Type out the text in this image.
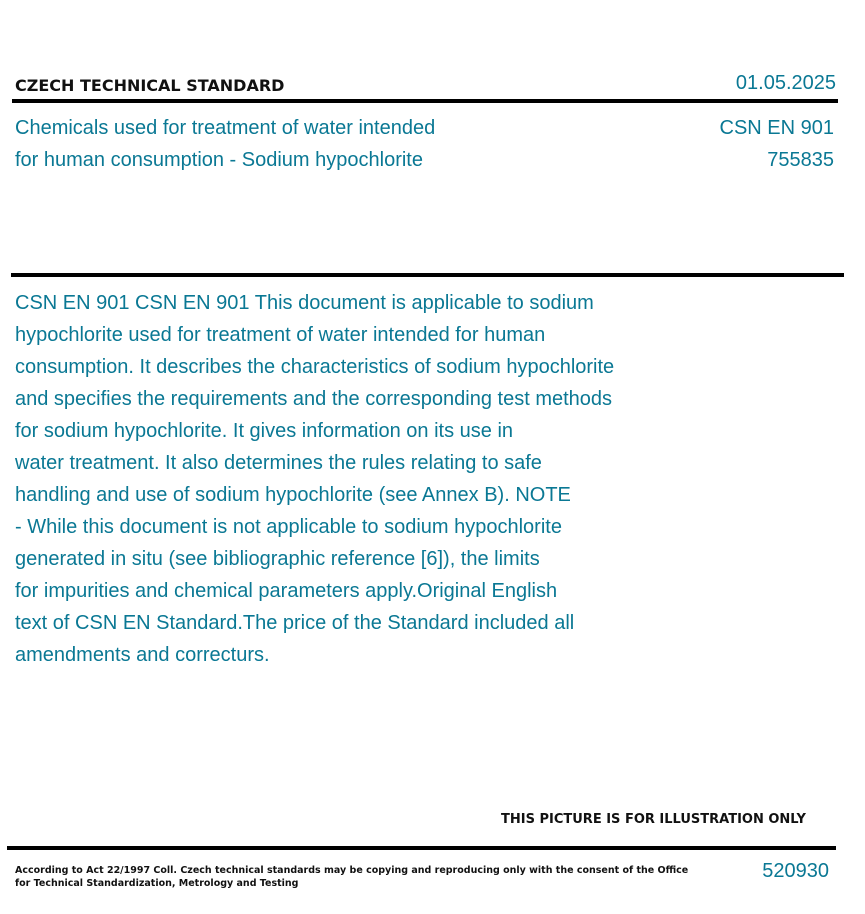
CZECH TECHNICAL STANDARD	01.05.2025
Chemicals used for treatment of water intended
for human consumption - Sodium hypochlorite
CSN EN 901
755835
CSN EN 901 CSN EN 901 This document is applicable to sodium
hypochlorite used for treatment of water intended for human
consumption. It describes the characteristics of sodium hypochlorite
and specifies the requirements and the corresponding test methods
for sodium hypochlorite. It gives information on its use in
water treatment. It also determines the rules relating to safe
handling and use of sodium hypochlorite (see Annex B). NOTE
- While this document is not applicable to sodium hypochlorite
generated in situ (see bibliographic reference [6]), the limits
for impurities and chemical parameters apply.Original English
text of CSN EN Standard.The price of the Standard included all
amendments and correcturs.
THIS PICTURE IS FOR ILLUSTRATION ONLY
According to Act 22/1997 Coll. Czech technical standards may be copying and reproducing only with the consent of the Office
for Technical Standardization, Metrology and Testing
520930
